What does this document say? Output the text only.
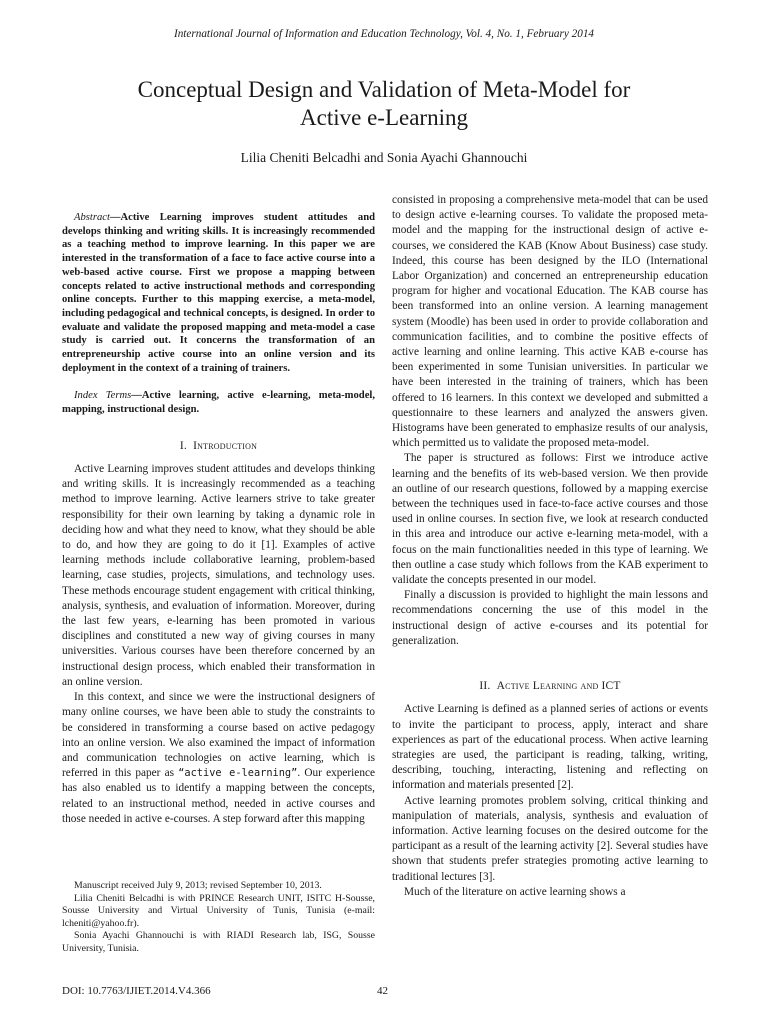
International Journal of Information and Education Technology, Vol. 4, No. 1, February 2014
Conceptual Design and Validation of Meta-Model for
Active e-Learning
Lilia Cheniti Belcadhi and Sonia Ayachi Ghannouchi

Abstract—Active Learning improves student attitudes and develops thinking and writing skills. It is increasingly recommended as a teaching method to improve learning. In this paper we are interested in the transformation of a face to face active course into a web-based active course. First we propose a mapping between concepts related to active instructional methods and corresponding online concepts. Further to this mapping exercise, a meta-model, including pedagogical and technical concepts, is designed. In order to evaluate and validate the proposed mapping and meta-model a case study is carried out. It concerns the transformation of an entrepreneurship active course into an online version and its deployment in the context of a training of trainers.

Index Terms—Active learning, active e-learning, meta-model, mapping, instructional design.

I. Introduction

Active Learning improves student attitudes and develops thinking and writing skills. It is increasingly recommended as a teaching method to improve learning. Active learners strive to take greater responsibility for their own learning by taking a dynamic role in deciding how and what they need to know, what they should be able to do, and how they are going to do it [1]. Examples of active learning methods include collaborative learning, problem-based learning, case studies, projects, simulations, and technology uses. These methods encourage student engagement with critical thinking, analysis, synthesis, and evaluation of information. Moreover, during the last few years, e-learning has been promoted in various disciplines and constituted a new way of giving courses in many universities. Various courses have been therefore concerned by an instructional design process, which enabled their transformation in an online version.

In this context, and since we were the instructional designers of many online courses, we have been able to study the constraints to be considered in transforming a course based on active pedagogy into an online version. We also examined the impact of information and communication technologies on active learning, which is referred in this paper as “active e-learning”. Our experience has also enabled us to identify a mapping between the concepts, related to an instructional method, needed in active courses and those needed in active e-courses. A step forward after this mapping

Manuscript received July 9, 2013; revised September 10, 2013.

Lilia Cheniti Belcadhi is with PRINCE Research UNIT, ISITC H-Sousse, Sousse University and Virtual University of Tunis, Tunisia (e-mail: lcheniti@yahoo.fr).

Sonia Ayachi Ghannouchi is with RIADI Research lab, ISG, Sousse University, Tunisia.

consisted in proposing a comprehensive meta-model that can be used to design active e-learning courses. To validate the proposed meta-model and the mapping for the instructional design of active e-courses, we considered the KAB (Know About Business) case study. Indeed, this course has been designed by the ILO (International Labor Organization) and concerned an entrepreneurship education program for higher and vocational Education. The KAB course has been transformed into an online version. A learning management system (Moodle) has been used in order to provide collaboration and communication facilities, and to combine the positive effects of active learning and online learning. This active KAB e-course has been experimented in some Tunisian universities. In particular we have been interested in the training of trainers, which has been offered to 16 learners. In this context we developed and submitted a questionnaire to these learners and analyzed the answers given. Histograms have been generated to emphasize results of our analysis, which permitted us to validate the proposed meta-model.

The paper is structured as follows: First we introduce active learning and the benefits of its web-based version. We then provide an outline of our research questions, followed by a mapping exercise between the techniques used in face-to-face active courses and those used in online courses. In section five, we look at research conducted in this area and introduce our active e-learning meta-model, with a focus on the main functionalities needed in this type of learning. We then outline a case study which follows from the KAB experiment to validate the concepts presented in our model.

Finally a discussion is provided to highlight the main lessons and recommendations concerning the use of this model in the instructional design of active e-courses and its potential for generalization.

II. Active Learning and ICT

Active Learning is defined as a planned series of actions or events to invite the participant to process, apply, interact and share experiences as part of the educational process. When active learning strategies are used, the participant is reading, talking, writing, describing, touching, interacting, listening and reflecting on information and materials presented [2].

Active learning promotes problem solving, critical thinking and manipulation of materials, analysis, synthesis and evaluation of information. Active learning focuses on the desired outcome for the participant as a result of the learning activity [2]. Several studies have shown that students prefer strategies promoting active learning to traditional lectures [3].

Much of the literature on active learning shows a

DOI: 10.7763/IJIET.2014.V4.366	42
